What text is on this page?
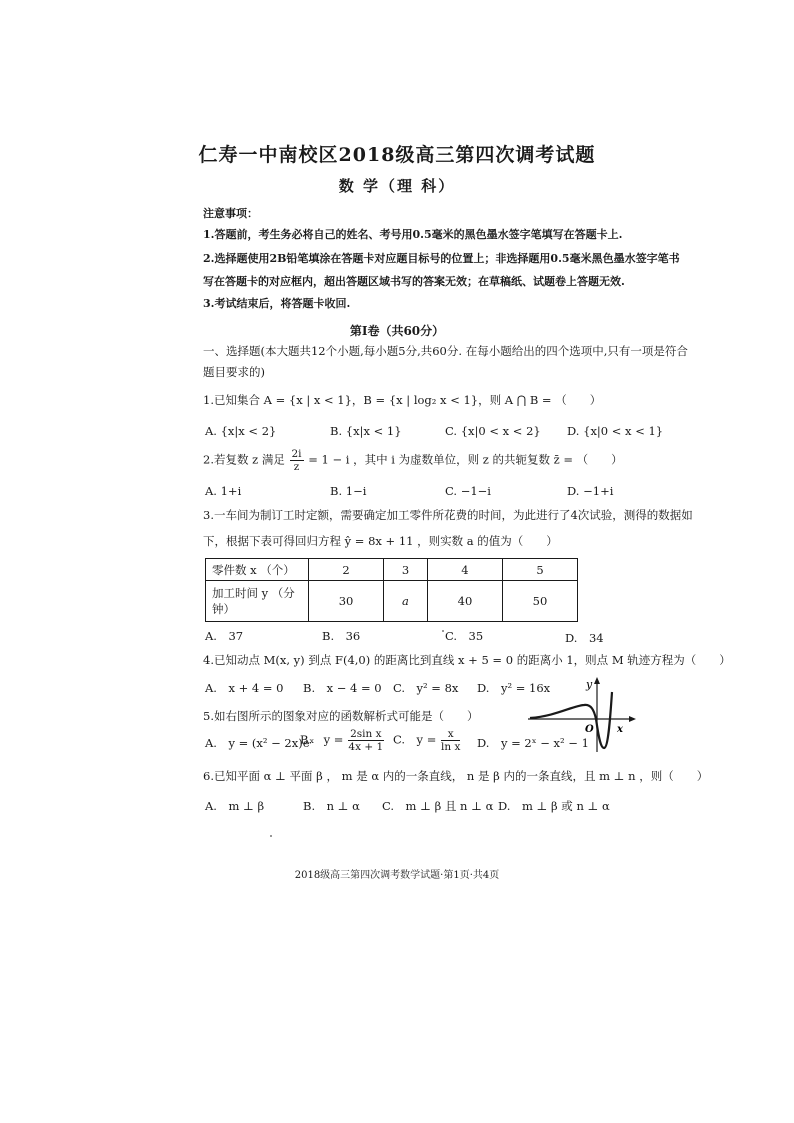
仁寿一中南校区2018级高三第四次调考试题
数 学（理 科）
注意事项：
1.答题前，考生务必将自己的姓名、考号用0.5毫米的黑色墨水签字笔填写在答题卡上.
2.选择题使用2B铅笔填涂在答题卡对应题目标号的位置上；非选择题用0.5毫米黑色墨水签字笔书
写在答题卡的对应框内，超出答题区域书写的答案无效；在草稿纸、试题卷上答题无效.
3.考试结束后，将答题卡收回.
第Ⅰ卷（共60分）
一、选择题(本大题共12个小题,每小题5分,共60分. 在每小题给出的四个选项中,只有一项是符合
题目要求的)
1.已知集合 A = {x | x < 1}，B = {x | log₂ x < 1}，则 A ⋂ B = （　　）
A. {x|x < 2}	B. {x|x < 1}	C. {x|0 < x < 2} D. {x|0 < x < 1}
2.若复数 z 满足 $\frac{2i}{z} = 1 - i$ ，其中 i 为虚数单位，则 z 的共轭复数 z̄ = （　　）
A. 1+i	B. 1−i	C. −1−i	D. −1+i
3.一车间为制订工时定额，需要确定加工零件所花费的时间，为此进行了4次试验，测得的数据如
下，根据下表可得回归方程 ŷ = 8x + 11 ，则实数 a 的值为（　　）
零件数 x （个）	2	3	4	5
加工时间 y （分钟）	30	a	40	50
A.　37	B.　36	C.　35	D.　34
4.已知动点 M(x, y) 到点 F(4,0) 的距离比到直线 x + 5 = 0 的距离小 1，则点 M 轨迹方程为（　　）
A.　x + 4 = 0 B.　x − 4 = 0 C.　y² = 8x D.　y² = 16x
5.如右图所示的图象对应的函数解析式可能是（　　）
A.　y = (x² − 2x)eˣ
B.　$y = \frac{\text{2sin x}}{4x + 1} C$.　$y = \frac{x}{\text{ln x}} D$.　y = 2ˣ − x² − 1
y
O x
6.已知平面 α ⊥ 平面 β ， m 是 α 内的一条直线， n 是 β 内的一条直线，且 m ⊥ n ，则（　　）
A.　m ⊥ β	B.　n ⊥ α C.　m ⊥ β 且 n ⊥ α D.　m ⊥ β 或 n ⊥ α
2018级高三第四次调考数学试题·第1页·共4页
